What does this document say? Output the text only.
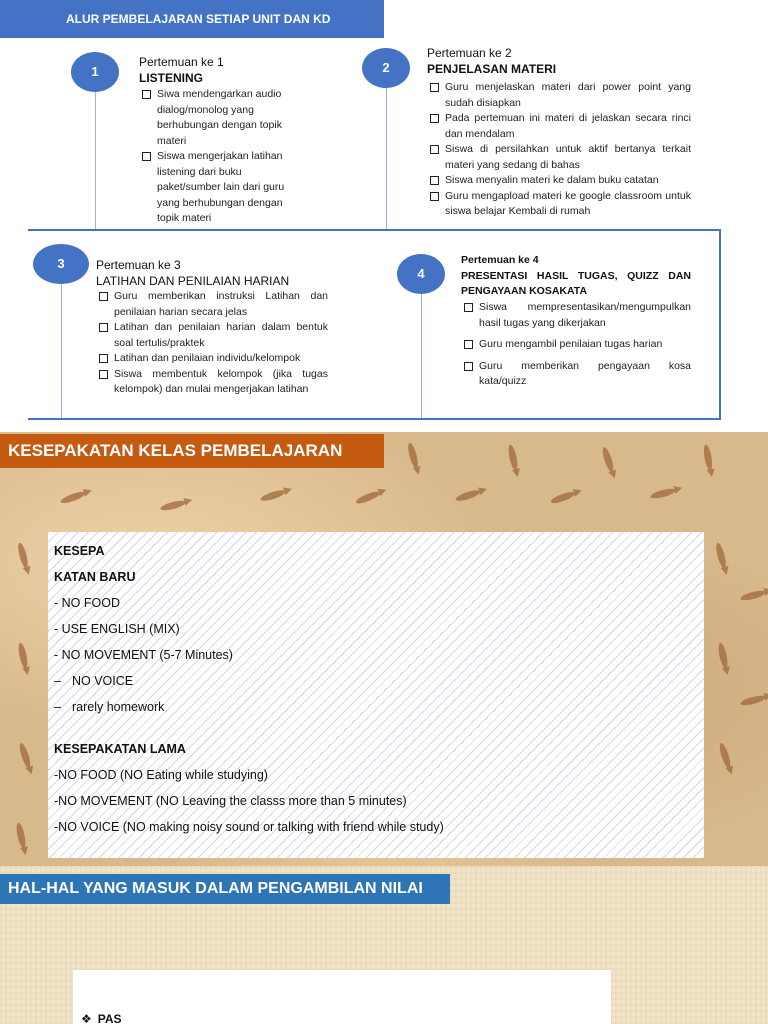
ALUR PEMBELAJARAN SETIAP UNIT DAN KD
1
Pertemuan ke 1
LISTENING
Siwa mendengarkan audio dialog/monolog yang berhubungan dengan topik materi
Siswa mengerjakan latihan listening dari buku paket/sumber lain dari guru yang berhubungan dengan topik materi
2
Pertemuan ke 2
PENJELASAN MATERI
Guru menjelaskan materi dari power point yang sudah disiapkan
Pada pertemuan ini materi di jelaskan secara rinci dan mendalam
Siswa di persilahkan untuk aktif bertanya terkait materi yang sedang di bahas
Siswa menyalin materi ke dalam buku catatan
Guru mengapload materi ke google classroom untuk siswa belajar Kembali di rumah
3	Pertemuan ke 3
LATIHAN DAN PENILAIAN HARIAN
Guru memberikan instruksi Latihan dan penilaian harian secara jelas
Latihan dan penilaian harian dalam bentuk soal tertulis/praktek
Latihan dan penilaian individu/kelompok
Siswa membentuk kelompok (jika tugas kelompok) dan mulai mengerjakan latihan
4
Pertemuan ke 4
PRESENTASI HASIL TUGAS, QUIZZ DAN PENGAYAAN KOSAKATA
Siswa mempresentasikan/mengumpulkan hasil tugas yang dikerjakan
Guru mengambil penilaian tugas harian
Guru memberikan pengayaan kosa kata/quizz
KESEPAKATAN KELAS PEMBELAJARAN
KESEPA
KATAN BARU
- NO FOOD
- USE ENGLISH (MIX)
- NO MOVEMENT (5-7 Minutes)
– NO VOICE
– rarely homework
KESEPAKATAN LAMA
-NO FOOD (NO Eating while studying)
-NO MOVEMENT (NO Leaving the classs more than 5 minutes)
-NO VOICE (NO making noisy sound or talking with friend while study)
HAL-HAL YANG MASUK DALAM PENGAMBILAN NILAI
❖ PAS
